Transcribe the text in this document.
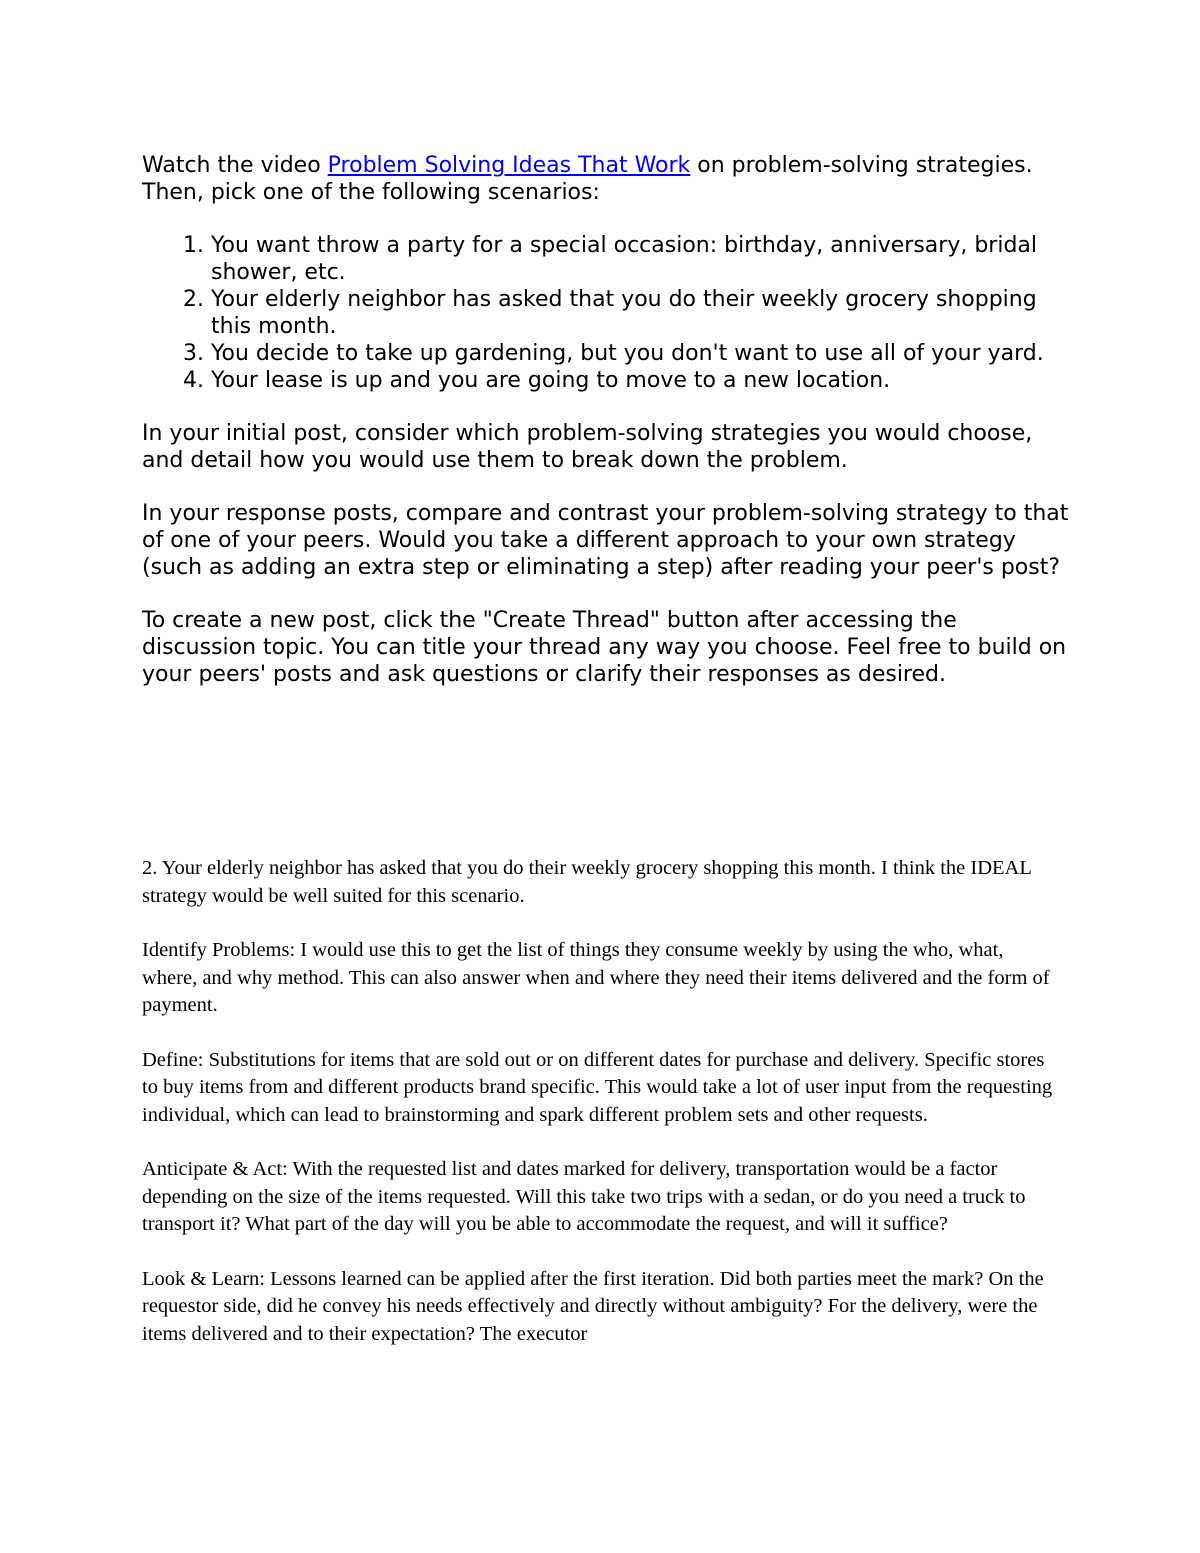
Watch the video Problem Solving Ideas That Work on problem-solving strategies. Then, pick one of the following scenarios:

1. You want throw a party for a special occasion: birthday, anniversary, bridal shower, etc.
2. Your elderly neighbor has asked that you do their weekly grocery shopping this month.
3. You decide to take up gardening, but you don't want to use all of your yard.
4. Your lease is up and you are going to move to a new location.

In your initial post, consider which problem-solving strategies you would choose, and detail how you would use them to break down the problem.

In your response posts, compare and contrast your problem-solving strategy to that of one of your peers. Would you take a different approach to your own strategy (such as adding an extra step or eliminating a step) after reading your peer's post?

To create a new post, click the "Create Thread" button after accessing the discussion topic. You can title your thread any way you choose. Feel free to build on your peers' posts and ask questions or clarify their responses as desired.

2. Your elderly neighbor has asked that you do their weekly grocery shopping this month. I think the IDEAL strategy would be well suited for this scenario.

Identify Problems: I would use this to get the list of things they consume weekly by using the who, what, where, and why method. This can also answer when and where they need their items delivered and the form of payment.

Define: Substitutions for items that are sold out or on different dates for purchase and delivery. Specific stores to buy items from and different products brand specific. This would take a lot of user input from the requesting individual, which can lead to brainstorming and spark different problem sets and other requests.

Anticipate & Act: With the requested list and dates marked for delivery, transportation would be a factor depending on the size of the items requested. Will this take two trips with a sedan, or do you need a truck to transport it? What part of the day will you be able to accommodate the request, and will it suffice?

Look & Learn: Lessons learned can be applied after the first iteration. Did both parties meet the mark? On the requestor side, did he convey his needs effectively and directly without ambiguity? For the delivery, were the items delivered and to their expectation? The executor
